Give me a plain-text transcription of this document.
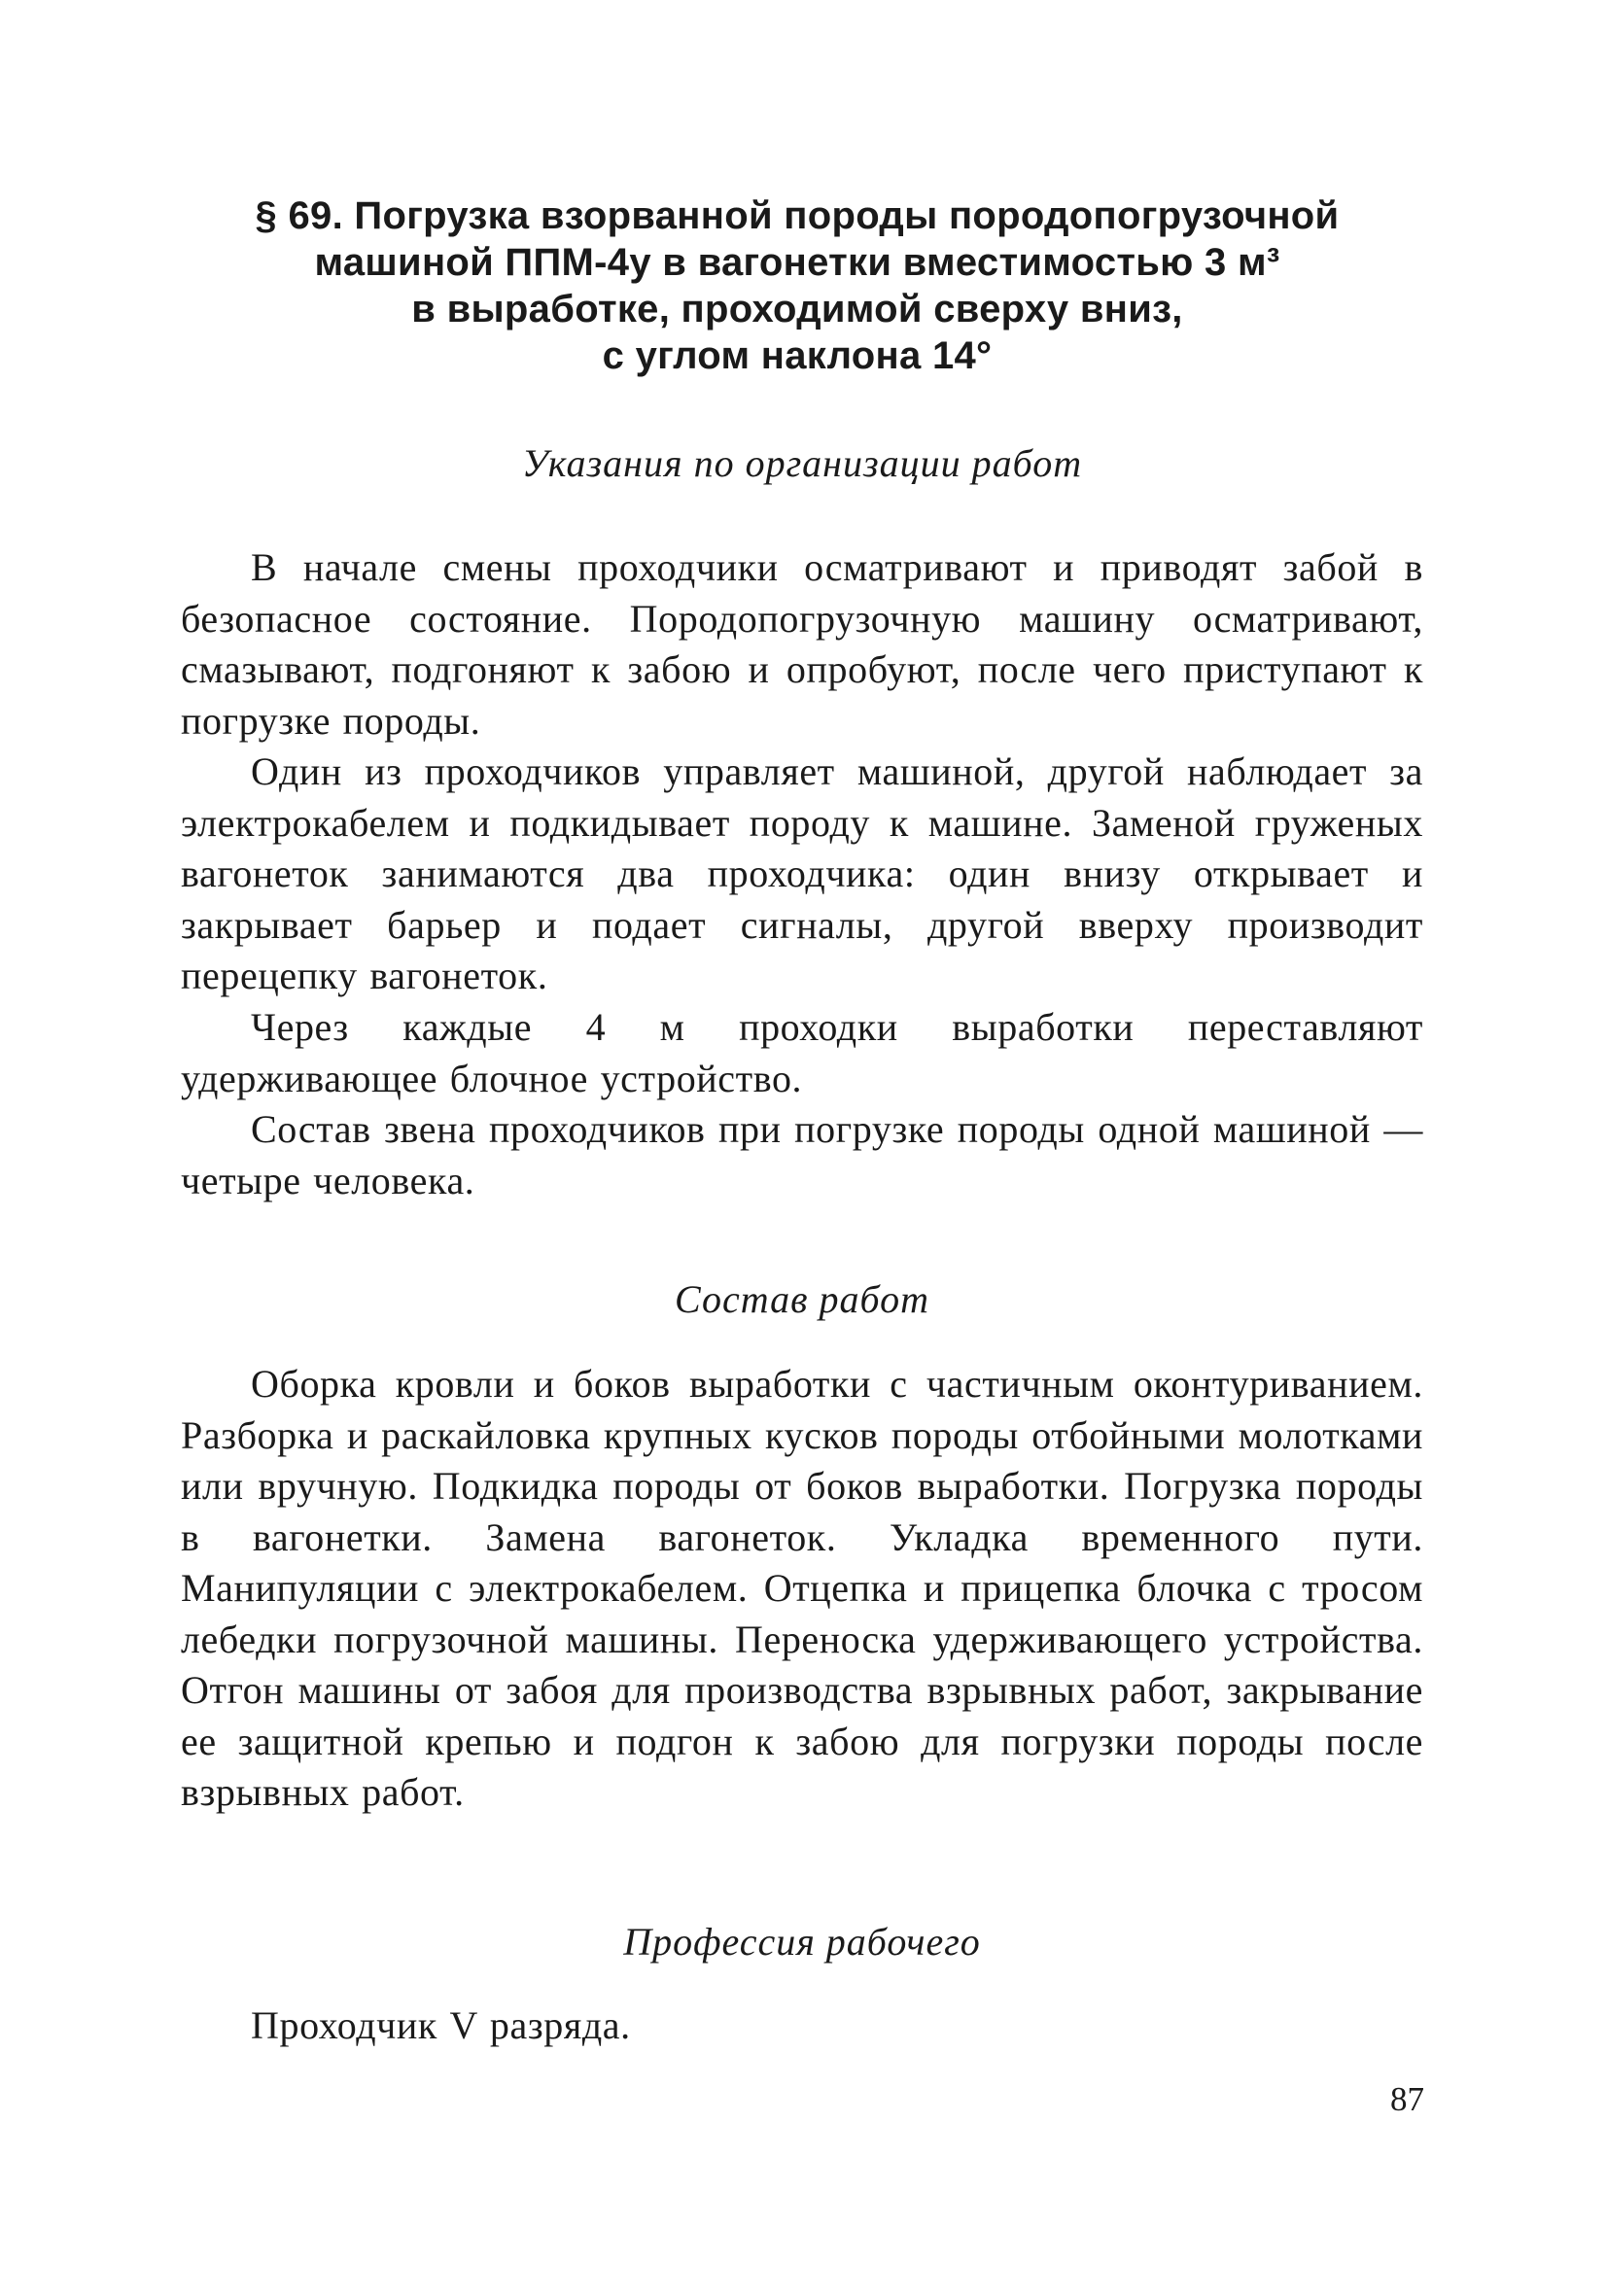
§ 69. Погрузка взорванной породы породопогрузочной
машиной ППМ-4у в вагонетки вместимостью 3 м³
в выработке, проходимой сверху вниз,
с углом наклона 14°
Указания по организации работ

В начале смены проходчики осматривают и приводят забой в безопасное состояние. Породопогрузочную машину осматривают, смазывают, подгоняют к забою и опробуют, после чего приступают к погрузке породы.

Один из проходчиков управляет машиной, другой наблюдает за электрокабелем и подкидывает породу к машине. Заменой груженых вагонеток занимаются два проходчика: один внизу открывает и закрывает барьер и подает сигналы, другой вверху производит перецепку вагонеток.

Через каждые 4 м проходки выработки переставляют удерживающее блочное устройство.

Состав звена проходчиков при погрузке породы одной машиной — четыре человека.

Состав работ

Оборка кровли и боков выработки с частичным оконтуриванием. Разборка и раскайловка крупных кусков породы отбойными молотками или вручную. Подкидка породы от боков выработки. Погрузка породы в вагонетки. Замена вагонеток. Укладка временного пути. Манипуляции с электрокабелем. Отцепка и прицепка блочка с тросом лебедки погрузочной машины. Переноска удерживающего устройства. Отгон машины от забоя для производства взрывных работ, закрывание ее защитной крепью и подгон к забою для погрузки породы после взрывных работ.

Профессия рабочего

Проходчик V разряда.

87
